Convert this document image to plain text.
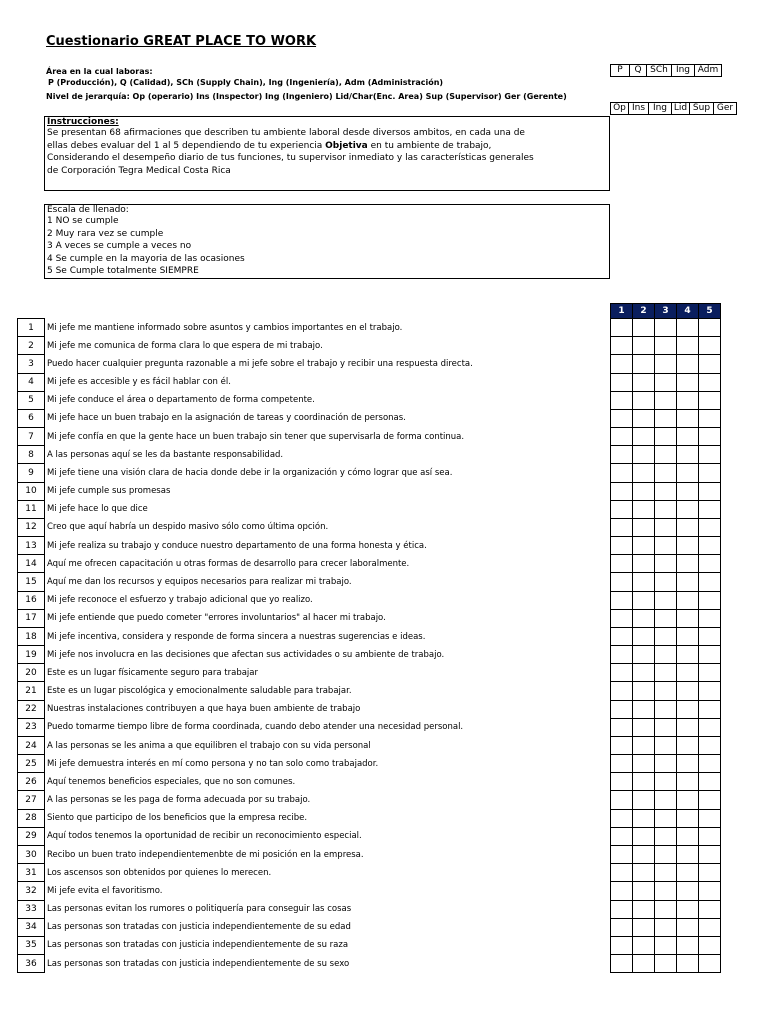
Cuestionario GREAT PLACE TO WORK
Área en la cual laboras:
P (Producción), Q (Calidad), SCh (Supply Chain), Ing (Ingeniería), Adm (Administración)
Nivel de jerarquía: Op (operario) Ins (Inspector) Ing (Ingeniero) Lid/Char(Enc. Area) Sup (Supervisor) Ger (Gerente)
P	Q SCh Ing Adm
Op Ins Ing Lid Sup Ger
Instrucciones:
Se presentan 68 afirmaciones que describen tu ambiente laboral desde diversos ambitos, en cada una de
ellas debes evaluar del 1 al 5 dependiendo de tu experiencia Objetiva en tu ambiente de trabajo,
Considerando el desempeño diario de tus funciones, tu supervisor inmediato y las características generales
de Corporación Tegra Medical Costa Rica
Escala de llenado:
1 NO se cumple
2 Muy rara vez se cumple
3 A veces se cumple a veces no
4 Se cumple en la mayoria de las ocasiones
5 Se Cumple totalmente SIEMPRE
1	Mi jefe me mantiene informado sobre asuntos y cambios importantes en el trabajo.
2	Mi jefe me comunica de forma clara lo que espera de mi trabajo.
3	Puedo hacer cualquier pregunta razonable a mi jefe sobre el trabajo y recibir una respuesta directa.
4	Mi jefe es accesible y es fácil hablar con él.
5	Mi jefe conduce el área o departamento de forma competente.
6	Mi jefe hace un buen trabajo en la asignación de tareas y coordinación de personas.
7	Mi jefe confía en que la gente hace un buen trabajo sin tener que supervisarla de forma continua.
8	A las personas aquí se les da bastante responsabilidad.
9	Mi jefe tiene una visión clara de hacia donde debe ir la organización y cómo lograr que así sea.
10	Mi jefe cumple sus promesas
11	Mi jefe hace lo que dice
12	Creo que aquí habría un despido masivo sólo como última opción.
13	Mi jefe realiza su trabajo y conduce nuestro departamento de una forma honesta y ética.
14	Aquí me ofrecen capacitación u otras formas de desarrollo para crecer laboralmente.
15	Aquí me dan los recursos y equipos necesarios para realizar mi trabajo.
16	Mi jefe reconoce el esfuerzo y trabajo adicional que yo realizo.
17	Mi jefe entiende que puedo cometer "errores involuntarios" al hacer mi trabajo.
18	Mi jefe incentiva, considera y responde de forma sincera a nuestras sugerencias e ideas.
19	Mi jefe nos involucra en las decisiones que afectan sus actividades o su ambiente de trabajo.
20	Este es un lugar físicamente seguro para trabajar
21	Este es un lugar piscológica y emocionalmente saludable para trabajar.
22	Nuestras instalaciones contribuyen a que haya buen ambiente de trabajo
23	Puedo tomarme tiempo libre de forma coordinada, cuando debo atender una necesidad personal.
24	A las personas se les anima a que equilibren el trabajo con su vida personal
25	Mi jefe demuestra interés en mí como persona y no tan solo como trabajador.
26	Aquí tenemos beneficios especiales, que no son comunes.
27	A las personas se les paga de forma adecuada por su trabajo.
28	Siento que participo de los beneficios que la empresa recibe.
29	Aquí todos tenemos la oportunidad de recibir un reconocimiento especial.
30	Recibo un buen trato independientemenbte de mi posición en la empresa.
31	Los ascensos son obtenidos por quienes lo merecen.
32	Mi jefe evita el favoritismo.
33	Las personas evitan los rumores o politiquería para conseguir las cosas
34	Las personas son tratadas con justicia independientemente de su edad
35	Las personas son tratadas con justicia independientemente de su raza
36	Las personas son tratadas con justicia independientemente de su sexo
1	2	3	4	5
